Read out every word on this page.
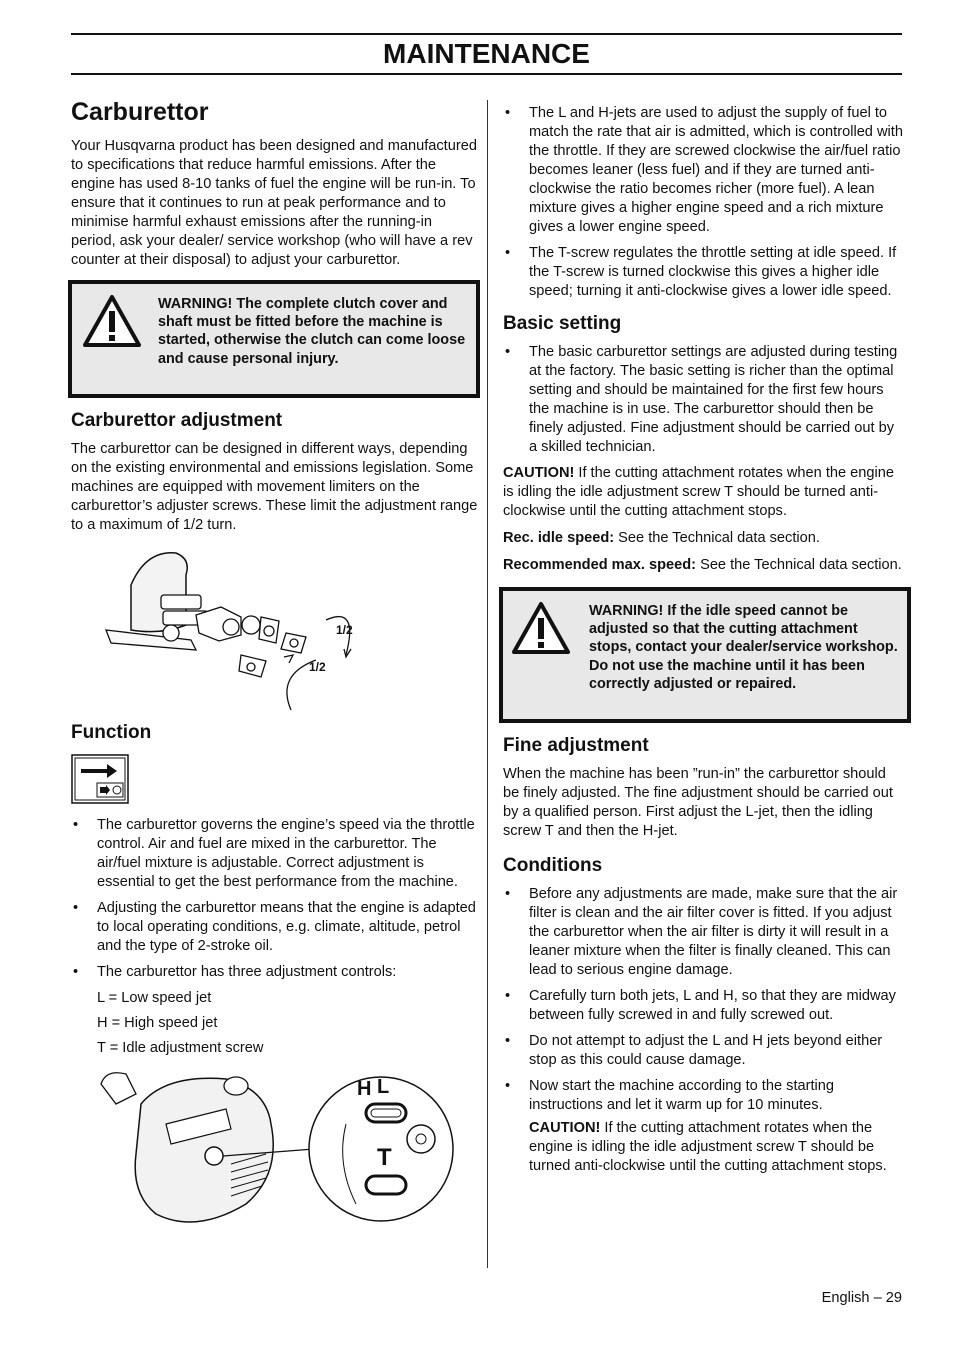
MAINTENANCE
Carburettor

Your Husqvarna product has been designed and manufactured to specifications that reduce harmful emissions. After the engine has used 8-10 tanks of fuel the engine will be run-in. To ensure that it continues to run at peak performance and to minimise harmful exhaust emissions after the running-in period, ask your dealer/ service workshop (who will have a rev counter at their disposal) to adjust your carburettor.

WARNING! The complete clutch cover and shaft must be fitted before the machine is started, otherwise the clutch can come loose and cause personal injury.
Carburettor adjustment

The carburettor can be designed in different ways, depending on the existing environmental and emissions legislation. Some machines are equipped with movement limiters on the carburettor’s adjuster screws. These limit the adjustment range to a maximum of 1/2 turn.

1/2
1/2
Function
• The carburettor governs the engine’s speed via the throttle control. Air and fuel are mixed in the carburettor. The air/fuel mixture is adjustable. Correct adjustment is essential to get the best performance from the machine.
• Adjusting the carburettor means that the engine is adapted to local operating conditions, e.g. climate, altitude, petrol and the type of 2-stroke oil.
• The carburettor has three adjustment controls:

L = Low speed jet

H = High speed jet

T = Idle adjustment screw

H L
T
• The L and H-jets are used to adjust the supply of fuel to match the rate that air is admitted, which is controlled with the throttle. If they are screwed clockwise the air/fuel ratio becomes leaner (less fuel) and if they are turned anti-clockwise the ratio becomes richer (more fuel). A lean mixture gives a higher engine speed and a rich mixture gives a lower engine speed.
• The T-screw regulates the throttle setting at idle speed. If the T-screw is turned clockwise this gives a higher idle speed; turning it anti-clockwise gives a lower idle speed.
Basic setting
• The basic carburettor settings are adjusted during testing at the factory. The basic setting is richer than the optimal setting and should be maintained for the first few hours the machine is in use. The carburettor should then be finely adjusted. Fine adjustment should be carried out by a skilled technician.

CAUTION! If the cutting attachment rotates when the engine is idling the idle adjustment screw T should be turned anti-clockwise until the cutting attachment stops.

Rec. idle speed: See the Technical data section.

Recommended max. speed: See the Technical data section.

WARNING! If the idle speed cannot be adjusted so that the cutting attachment stops, contact your dealer/service workshop. Do not use the machine until it has been correctly adjusted or repaired.
Fine adjustment

When the machine has been ”run-in” the carburettor should be finely adjusted. The fine adjustment should be carried out by a qualified person. First adjust the L-jet, then the idling screw T and then the H-jet.

Conditions
• Before any adjustments are made, make sure that the air filter is clean and the air filter cover is fitted. If you adjust the carburettor when the air filter is dirty it will result in a leaner mixture when the filter is finally cleaned. This can lead to serious engine damage.
• Carefully turn both jets, L and H, so that they are midway between fully screwed in and fully screwed out.
• Do not attempt to adjust the L and H jets beyond either stop as this could cause damage.
• Now start the machine according to the starting instructions and let it warm up for 10 minutes.

CAUTION! If the cutting attachment rotates when the engine is idling the idle adjustment screw T should be turned anti-clockwise until the cutting attachment stops.

English – 29
